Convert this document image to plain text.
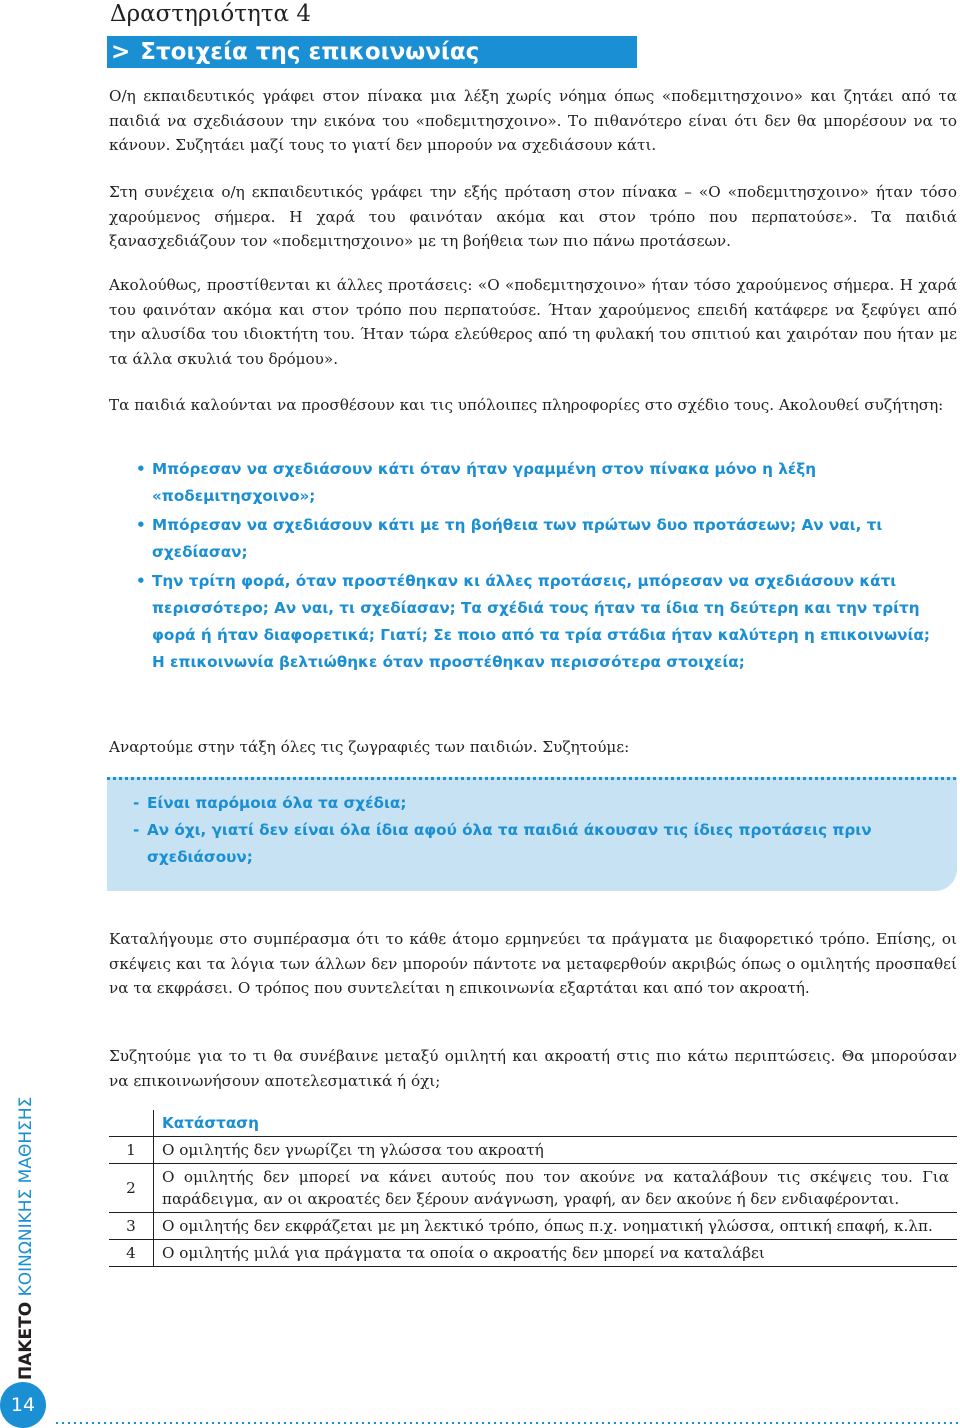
Δραστηριότητα 4
> Στοιχεία της επικοινωνίας
Ο/η εκπαιδευτικός γράφει στον πίνακα μια λέξη χωρίς νόημα όπως «ποδεμιτησχοινο» και ζητάει από τα παιδιά να σχεδιάσουν την εικόνα του «ποδεμιτησχοινο». Το πιθανότερο είναι ότι δεν θα μπορέσουν να το κάνουν. Συζητάει μαζί τους το γιατί δεν μπορούν να σχεδιάσουν κάτι.
Στη συνέχεια ο/η εκπαιδευτικός γράφει την εξής πρόταση στον πίνακα – «Ο «ποδεμιτησχοινο» ήταν τόσο χαρούμενος σήμερα. Η χαρά του φαινόταν ακόμα και στον τρόπο που περπατούσε». Τα παιδιά ξανασχεδιάζουν τον «ποδεμιτησχοινο» με τη βοήθεια των πιο πάνω προτάσεων.
Ακολούθως, προστίθενται κι άλλες προτάσεις: «Ο «ποδεμιτησχοινο» ήταν τόσο χαρούμενος σήμερα. Η χαρά του φαινόταν ακόμα και στον τρόπο που περπατούσε. Ήταν χαρούμενος επειδή κατάφερε να ξεφύγει από την αλυσίδα του ιδιοκτήτη του. Ήταν τώρα ελεύθερος από τη φυλακή του σπιτιού και χαιρόταν που ήταν με τα άλλα σκυλιά του δρόμου».
Τα παιδιά καλούνται να προσθέσουν και τις υπόλοιπες πληροφορίες στο σχέδιο τους. Ακολουθεί συζήτηση:
• Μπόρεσαν να σχεδιάσουν κάτι όταν ήταν γραμμένη στον πίνακα μόνο η λέξη «ποδεμιτησχοινο»;
• Μπόρεσαν να σχεδιάσουν κάτι με τη βοήθεια των πρώτων δυο προτάσεων; Αν ναι, τι σχεδίασαν;
• Την τρίτη φορά, όταν προστέθηκαν κι άλλες προτάσεις, μπόρεσαν να σχεδιάσουν κάτι περισσότερο; Αν ναι, τι σχεδίασαν; Τα σχέδιά τους ήταν τα ίδια τη δεύτερη και την τρίτη φορά ή ήταν διαφορετικά; Γιατί; Σε ποιο από τα τρία στάδια ήταν καλύτερη η επικοινωνία; Η επικοινωνία βελτιώθηκε όταν προστέθηκαν περισσότερα στοιχεία;
Αναρτούμε στην τάξη όλες τις ζωγραφιές των παιδιών. Συζητούμε:
- Είναι παρόμοια όλα τα σχέδια;
- Αν όχι, γιατί δεν είναι όλα ίδια αφού όλα τα παιδιά άκουσαν τις ίδιες προτάσεις πριν σχεδιάσουν;
Καταλήγουμε στο συμπέρασμα ότι το κάθε άτομο ερμηνεύει τα πράγματα με διαφορετικό τρόπο. Επίσης, οι σκέψεις και τα λόγια των άλλων δεν μπορούν πάντοτε να μεταφερθούν ακριβώς όπως ο ομιλητής προσπαθεί να τα εκφράσει. Ο τρόπος που συντελείται η επικοινωνία εξαρτάται και από τον ακροατή.
Συζητούμε για το τι θα συνέβαινε μεταξύ ομιλητή και ακροατή στις πιο κάτω περιπτώσεις. Θα μπορούσαν να επικοινωνήσουν αποτελεσματικά ή όχι;
	Κατάσταση
1	Ο ομιλητής δεν γνωρίζει τη γλώσσα του ακροατή
2	Ο ομιλητής δεν μπορεί να κάνει αυτούς που τον ακούνε να καταλάβουν τις σκέψεις του. Για παράδειγμα, αν οι ακροατές δεν ξέρουν ανάγνωση, γραφή, αν δεν ακούνε ή δεν ενδιαφέρονται.
3	Ο ομιλητής δεν εκφράζεται με μη λεκτικό τρόπο, όπως π.χ. νοηματική γλώσσα, οπτική επαφή, κ.λπ.
4	Ο ομιλητής μιλά για πράγματα τα οποία ο ακροατής δεν μπορεί να καταλάβει
ΠΑΚΕΤΟ ΚΟΙΝΩΝΙΚΗΣ ΜΑΘΗΣΗΣ
14
